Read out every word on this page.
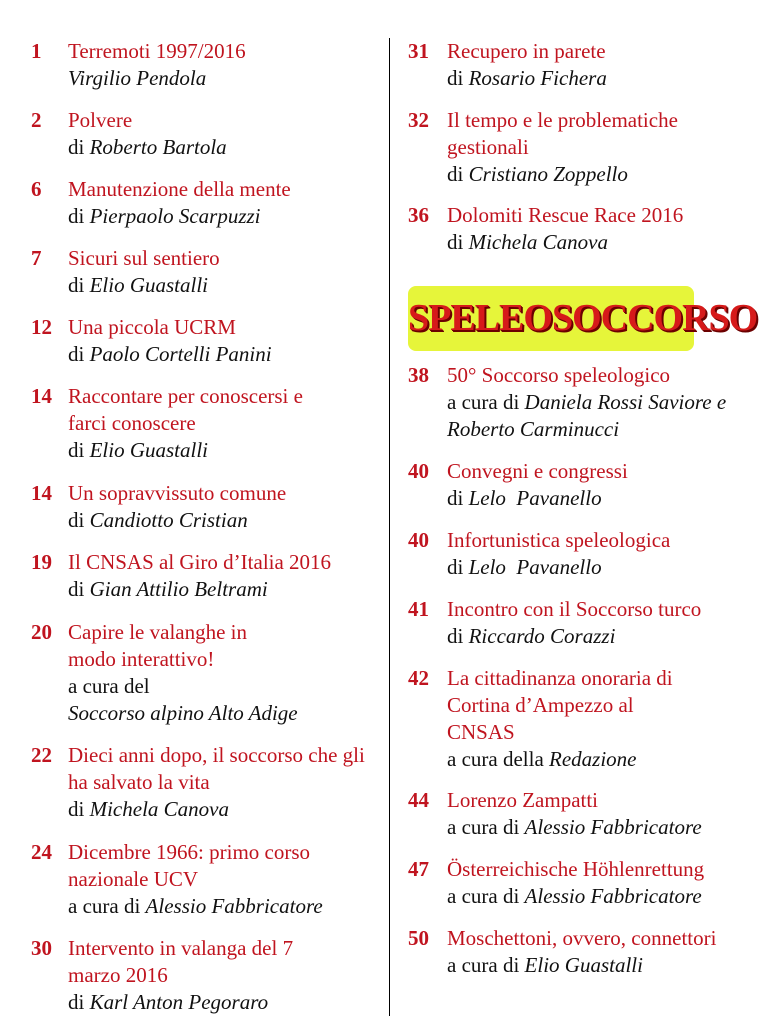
1 Terremoti 1997/2016
Virgilio Pendola
2 Polvere
di Roberto Bartola
6 Manutenzione della mente
di Pierpaolo Scarpuzzi
7 Sicuri sul sentiero
di Elio Guastalli
12 Una piccola UCRM
di Paolo Cortelli Panini
14 Raccontare per conoscersi e farci conoscere
di Elio Guastalli
14 Un sopravvissuto comune
di Candiotto Cristian
19 Il CNSAS al Giro d’Italia 2016
di Gian Attilio Beltrami
20 Capire le valanghe in modo interattivo!
a cura del
Soccorso alpino Alto Adige
22 Dieci anni dopo, il soccorso che gli ha salvato la vita
di Michela Canova
24 Dicembre 1966: primo corso nazionale UCV
a cura di Alessio Fabbricatore
30 Intervento in valanga del 7 marzo 2016
di Karl Anton Pegoraro
31 Recupero in parete
di Rosario Fichera
32 Il tempo e le problematiche gestionali
di Cristiano Zoppello
36 Dolomiti Rescue Race 2016
di Michela Canova
38 50° Soccorso speleologico
a cura di Daniela Rossi Saviore e Roberto Carminucci
40 Convegni e congressi
di Lelo  Pavanello
40 Infortunistica speleologica
di Lelo  Pavanello
41 Incontro con il Soccorso turco
di Riccardo Corazzi
42 La cittadinanza onoraria di Cortina d’Ampezzo al CNSAS
a cura della Redazione
44 Lorenzo Zampatti
a cura di Alessio Fabbricatore
47 Österreichische Höhlenrettung
a cura di Alessio Fabbricatore
50 Moschettoni, ovvero, connettori
a cura di Elio Guastalli
SPELEOSOCCORSO
